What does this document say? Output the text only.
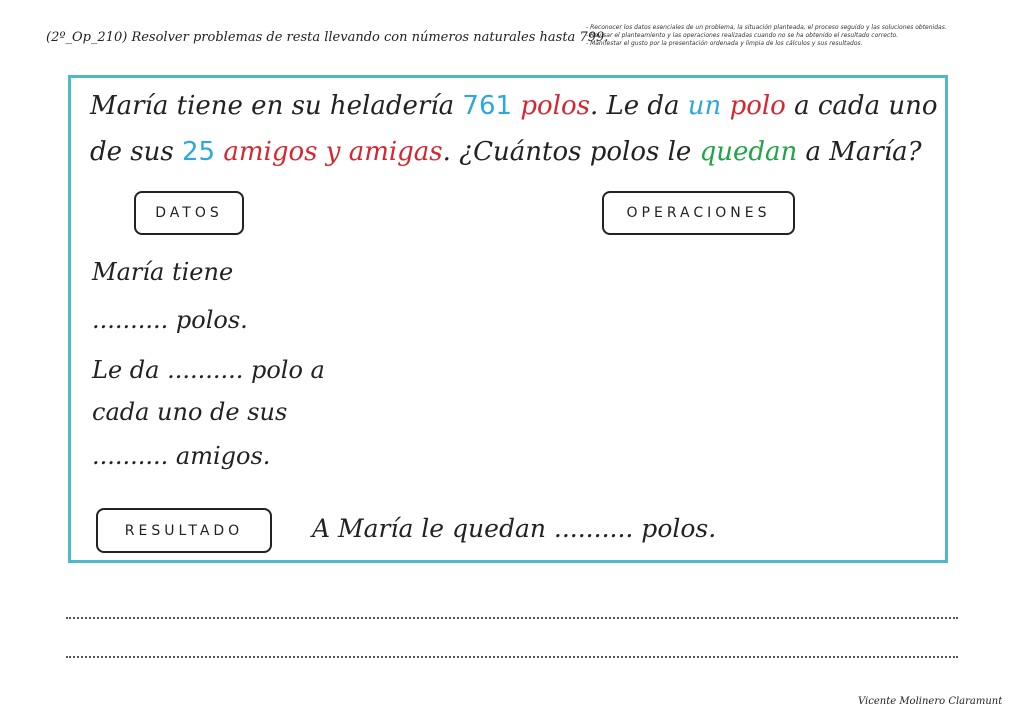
(2º_Op_210) Resolver problemas de resta llevando con números naturales hasta 799.
- Reconocer los datos esenciales de un problema, la situación planteada, el proceso seguido y las soluciones obtenidas.
- Revisar el planteamiento y las operaciones realizadas cuando no se ha obtenido el resultado correcto.
- Manifestar el gusto por la presentación ordenada y limpia de los cálculos y sus resultados.
María tiene en su heladería 761 polos. Le da un polo a cada uno de sus 25 amigos y amigas. ¿Cuántos polos le quedan a María?
DATOS	OPERACIONES
María tiene
.......... polos.
Le da .......... polo a
cada uno de sus
.......... amigos.
RESULTADO	A María le quedan .......... polos.
Vicente Molinero Claramunt
